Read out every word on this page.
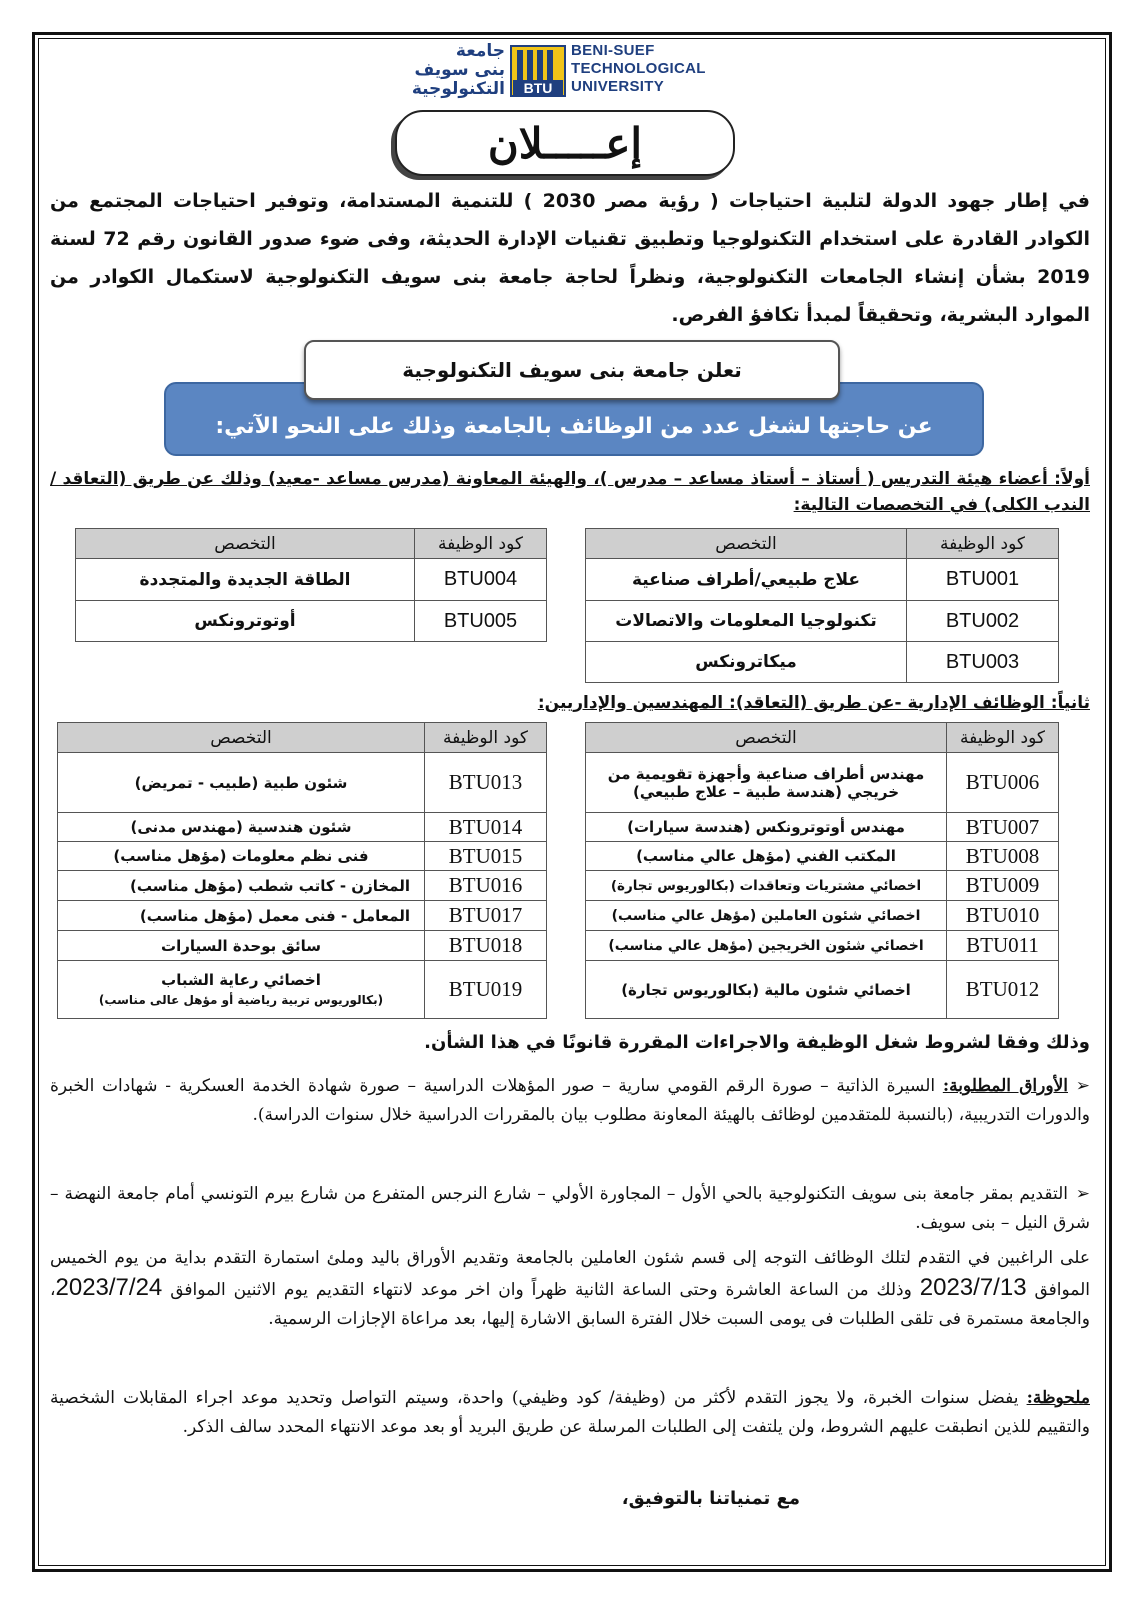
جامعة
بنى سويف
التكنولوجية BTU
BENI-SUEF
TECHNOLOGICAL
UNIVERSITY
إعـــــلان
في إطار جهود الدولة لتلبية احتياجات ( رؤية مصر 2030 ) للتنمية المستدامة، وتوفير احتياجات المجتمع من الكوادر القادرة على استخدام التكنولوجيا وتطبيق تقنيات الإدارة الحديثة، وفى ضوء صدور القانون رقم 72 لسنة 2019 بشأن إنشاء الجامعات التكنولوجية، ونظراً لحاجة جامعة بنى سويف التكنولوجية لاستكمال الكوادر من الموارد البشرية، وتحقيقاً لمبدأ تكافؤ الفرص.
تعلن جامعة بنى سويف التكنولوجية
عن حاجتها لشغل عدد من الوظائف بالجامعة وذلك على النحو الآتي:
أولاً: أعضاء هيئة التدريس ( أستاذ – أستاذ مساعد – مدرس )، والهيئة المعاونة (مدرس مساعد -معيد) وذلك عن طريق (التعاقد / الندب الكلى) في التخصصات التالية:
كود الوظيفة	التخصص
BTU001	علاج طبيعي/أطراف صناعية
BTU002	تكنولوجيا المعلومات والاتصالات
BTU003	ميكاترونكس
كود الوظيفة	التخصص
BTU004	الطاقة الجديدة والمتجددة
BTU005	أوتوترونكس
ثانياً: الوظائف الإدارية -عن طريق (التعاقد): المهندسين والإداريين:
كود الوظيفة	التخصص
BTU006	مهندس أطراف صناعية وأجهزة تقويمية من خريجي (هندسة طبية – علاج طبيعي)
BTU007	مهندس أوتوترونكس (هندسة سيارات)
BTU008	المكتب الفني (مؤهل عالي مناسب)
BTU009	اخصائي مشتريات وتعاقدات (بكالوريوس تجارة)
BTU010	اخصائي شئون العاملين (مؤهل عالي مناسب)
BTU011	اخصائي شئون الخريجين (مؤهل عالي مناسب)
BTU012	اخصائي شئون مالية (بكالوريوس تجارة)
كود الوظيفة	التخصص
BTU013	شئون طبية (طبيب - تمريض)
BTU014	شئون هندسية (مهندس مدنى)
BTU015	فنى نظم معلومات (مؤهل مناسب)
BTU016	المخازن - كاتب شطب (مؤهل مناسب)
BTU017	المعامل - فنى معمل (مؤهل مناسب)
BTU018	سائق بوحدة السيارات
BTU019	اخصائي رعاية الشباب
(بكالوريوس تربية رياضية أو مؤهل عالى مناسب)
وذلك وفقا لشروط شغل الوظيفة والاجراءات المقررة قانونًا في هذا الشأن.
➢الأوراق المطلوبة: السيرة الذاتية – صورة الرقم القومي سارية – صور المؤهلات الدراسية – صورة شهادة الخدمة العسكرية - شهادات الخبرة والدورات التدريبية، (بالنسبة للمتقدمين لوظائف بالهيئة المعاونة مطلوب بيان بالمقررات الدراسية خلال سنوات الدراسة).
➢التقديم بمقر جامعة بنى سويف التكنولوجية بالحي الأول – المجاورة الأولي – شارع النرجس المتفرع من شارع بيرم التونسي أمام جامعة النهضة – شرق النيل – بنى سويف.
على الراغبين في التقدم لتلك الوظائف التوجه إلى قسم شئون العاملين بالجامعة وتقديم الأوراق باليد وملئ استمارة التقدم بداية من يوم الخميس الموافق 2023/7/13 وذلك من الساعة العاشرة وحتى الساعة الثانية ظهراً وان اخر موعد لانتهاء التقديم يوم الاثنين الموافق 2023/7/24، والجامعة مستمرة فى تلقى الطلبات فى يومى السبت خلال الفترة السابق الاشارة إليها، بعد مراعاة الإجازات الرسمية.
ملحوظة: يفضل سنوات الخبرة، ولا يجوز التقدم لأكثر من (وظيفة/ كود وظيفي) واحدة، وسيتم التواصل وتحديد موعد اجراء المقابلات الشخصية والتقييم للذين انطبقت عليهم الشروط، ولن يلتفت إلى الطلبات المرسلة عن طريق البريد أو بعد موعد الانتهاء المحدد سالف الذكر.
مع تمنياتنا بالتوفيق،
